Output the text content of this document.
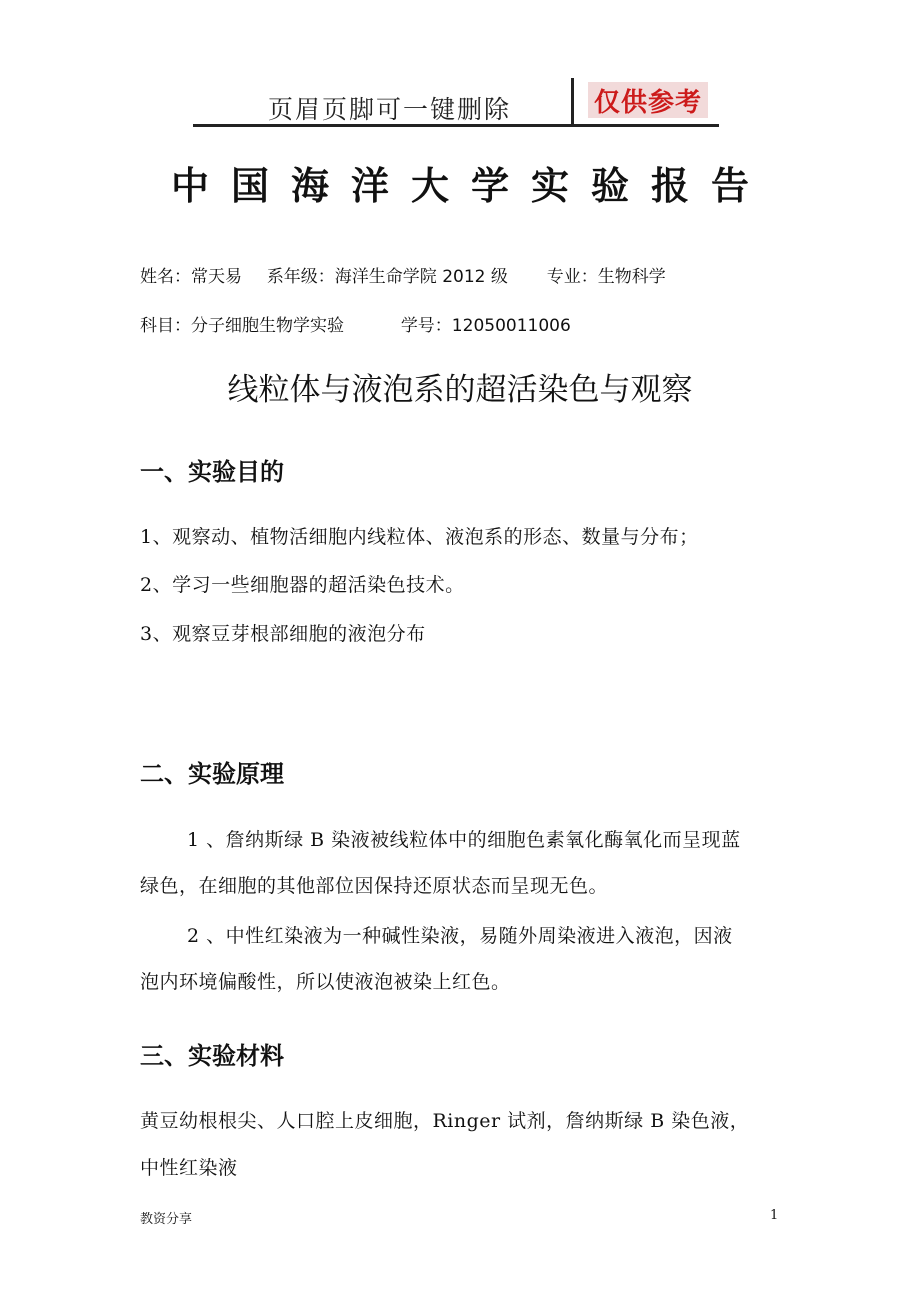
页眉页脚可一键删除	仅供参考
中国海洋大学实验报告
姓名：常天易 系年级：海洋生命学院 2012 级 专业：生物科学
科目：分子细胞生物学实验	学号：12050011006
线粒体与液泡系的超活染色与观察
一、实验目的
1、观察动、植物活细胞内线粒体、液泡系的形态、数量与分布；
2、学习一些细胞器的超活染色技术。
3、观察豆芽根部细胞的液泡分布
二、实验原理
1 、詹纳斯绿 B 染液被线粒体中的细胞色素氧化酶氧化而呈现蓝
绿色，在细胞的其他部位因保持还原状态而呈现无色。
2 、中性红染液为一种碱性染液，易随外周染液进入液泡，因液
泡内环境偏酸性，所以使液泡被染上红色。
三、实验材料
黄豆幼根根尖、人口腔上皮细胞，Ringer 试剂，詹纳斯绿 B 染色液，
中性红染液
教资分享	1
